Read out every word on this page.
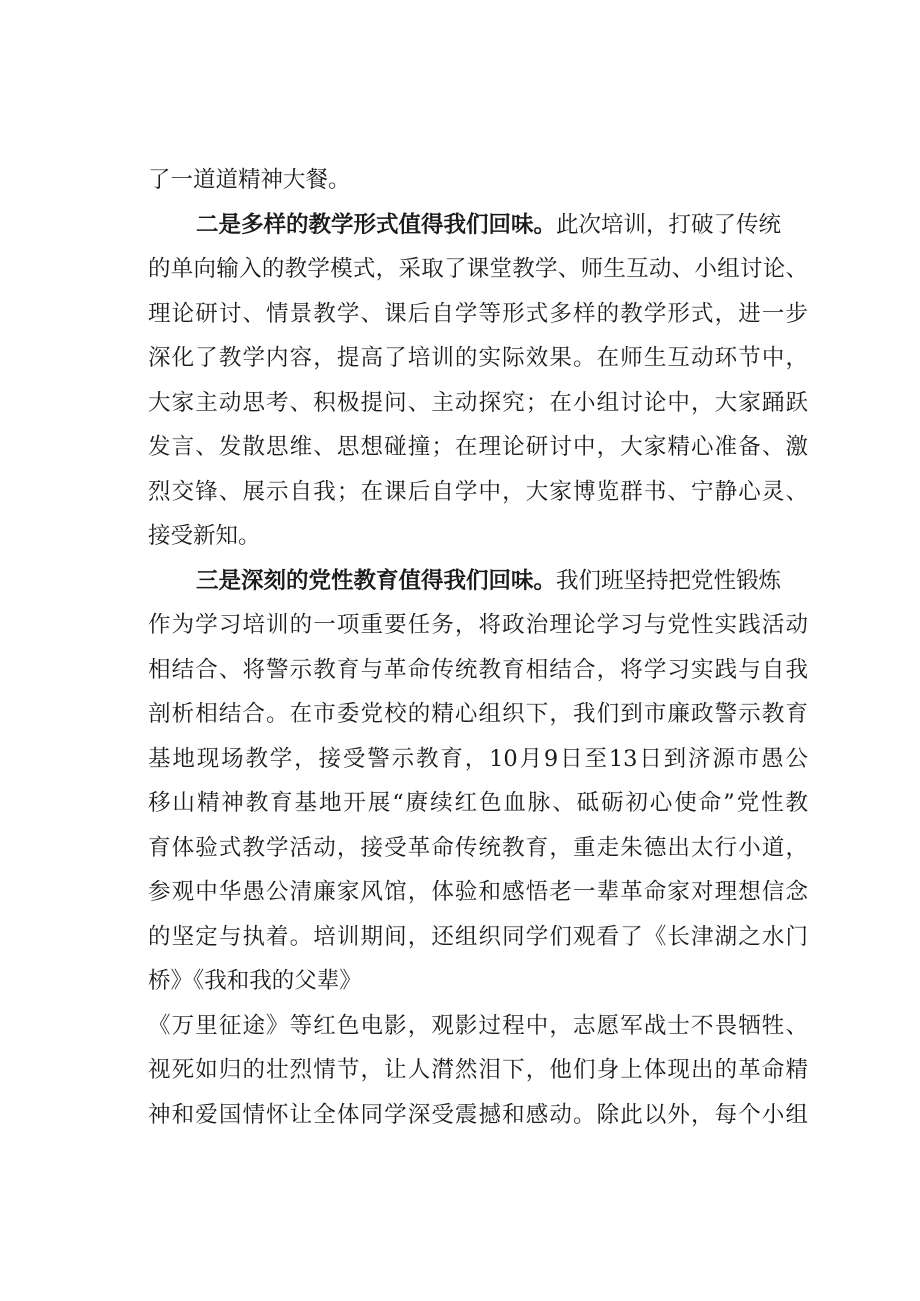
了一道道精神大餐。
二是多样的教学形式值得我们回味。此次培训，打破了传统
的单向输入的教学模式，采取了课堂教学、师生互动、小组讨论、
理论研讨、情景教学、课后自学等形式多样的教学形式，进一步
深化了教学内容，提高了培训的实际效果。在师生互动环节中，
大家主动思考、积极提问、主动探究；在小组讨论中，大家踊跃
发言、发散思维、思想碰撞；在理论研讨中，大家精心准备、激
烈交锋、展示自我；在课后自学中，大家博览群书、宁静心灵、
接受新知。
三是深刻的党性教育值得我们回味。我们班坚持把党性锻炼
作为学习培训的一项重要任务，将政治理论学习与党性实践活动
相结合、将警示教育与革命传统教育相结合，将学习实践与自我
剖析相结合。在市委党校的精心组织下，我们到市廉政警示教育
基地现场教学，接受警示教育，10月9日至13日到济源市愚公
移山精神教育基地开展“赓续红色血脉、砥砺初心使命”党性教
育体验式教学活动，接受革命传统教育，重走朱德出太行小道，
参观中华愚公清廉家风馆，体验和感悟老一辈革命家对理想信念
的坚定与执着。培训期间，还组织同学们观看了《长津湖之水门
桥》《我和我的父辈》
《万里征途》等红色电影，观影过程中，志愿军战士不畏牺牲、
视死如归的壮烈情节，让人潸然泪下，他们身上体现出的革命精
神和爱国情怀让全体同学深受震撼和感动。除此以外，每个小组
